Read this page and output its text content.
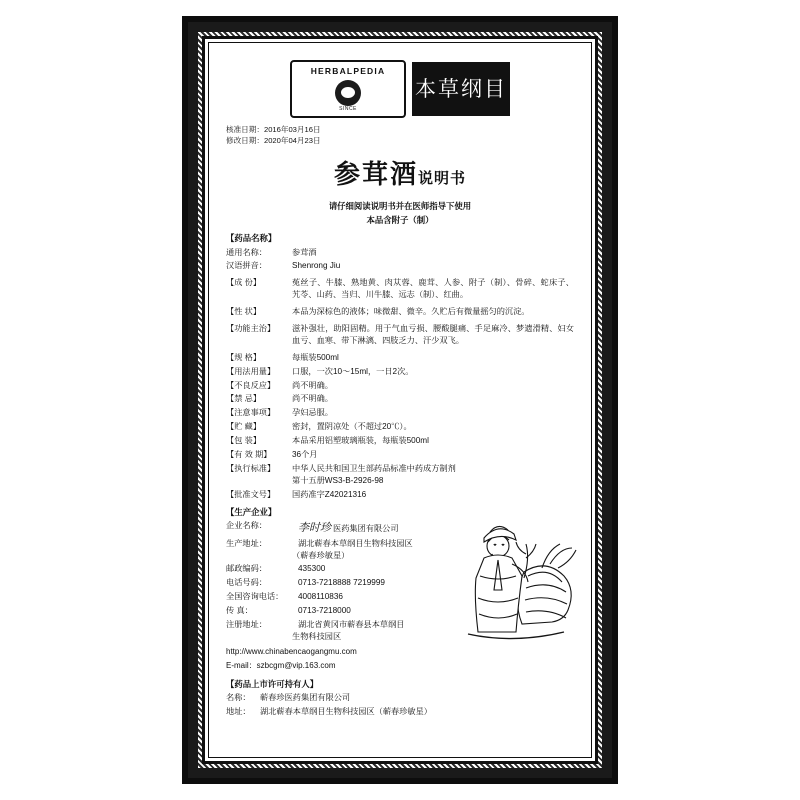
HERBALPEDIA
SINCE
本草纲目
®
核准日期：2016年03月16日
修改日期：2020年04月23日
参茸酒说明书
请仔细阅读说明书并在医师指导下使用
本品含附子（制）
【药品名称】
通用名称：	参茸酒
汉语拼音：	Shenrong Jiu
【成 份】	菟丝子、牛膝、熟地黄、肉苁蓉、鹿茸、人参、附子（制）、骨碎、蛇床子、艽苓、山药、当归、川牛膝、远志（制）、红曲。
【性 状】	本品为深棕色的液体；味微甜、微辛。久贮后有微量摇匀的沉淀。
【功能主治】	滋补强壮，助阳固精。用于气血亏损、腰酸腿痛、手足麻冷、梦遗滑精、妇女血亏、血寒、带下淋漓、四肢乏力、汗少双飞。
【规 格】	每瓶装500ml
【用法用量】	口服，一次10～15ml，一日2次。
【不良反应】	尚不明确。
【禁 忌】	尚不明确。
【注意事项】	孕妇忌服。
【贮 藏】	密封，置阴凉处（不超过20℃）。
【包 装】	本品采用铝塑玻璃瓶装，每瓶装500ml
【有 效 期】	36个月
【执行标准】	中华人民共和国卫生部药品标准中药成方制剂
第十五册WS3-B-2926-98
【批准文号】	国药准字Z42021316
【生产企业】
企业名称：	李时珍 医药集团有限公司
生产地址：	湖北蕲春本草纲目生物科技园区
（蕲春珍敏星）
邮政编码：	435300
电话号码：	0713-7218888 7219999
全国咨询电话：	4008110836
传 真：	0713-7218000
注册地址：	湖北省黄冈市蕲春县本草纲目
生物科技园区
http://www.chinabencaogangmu.com
E-mail：szbcgm@vip.163.com
【药品上市许可持有人】
名称：	蕲春珍医药集团有限公司
地址：	湖北蕲春本草纲目生物科技园区（蕲春珍敏星）
